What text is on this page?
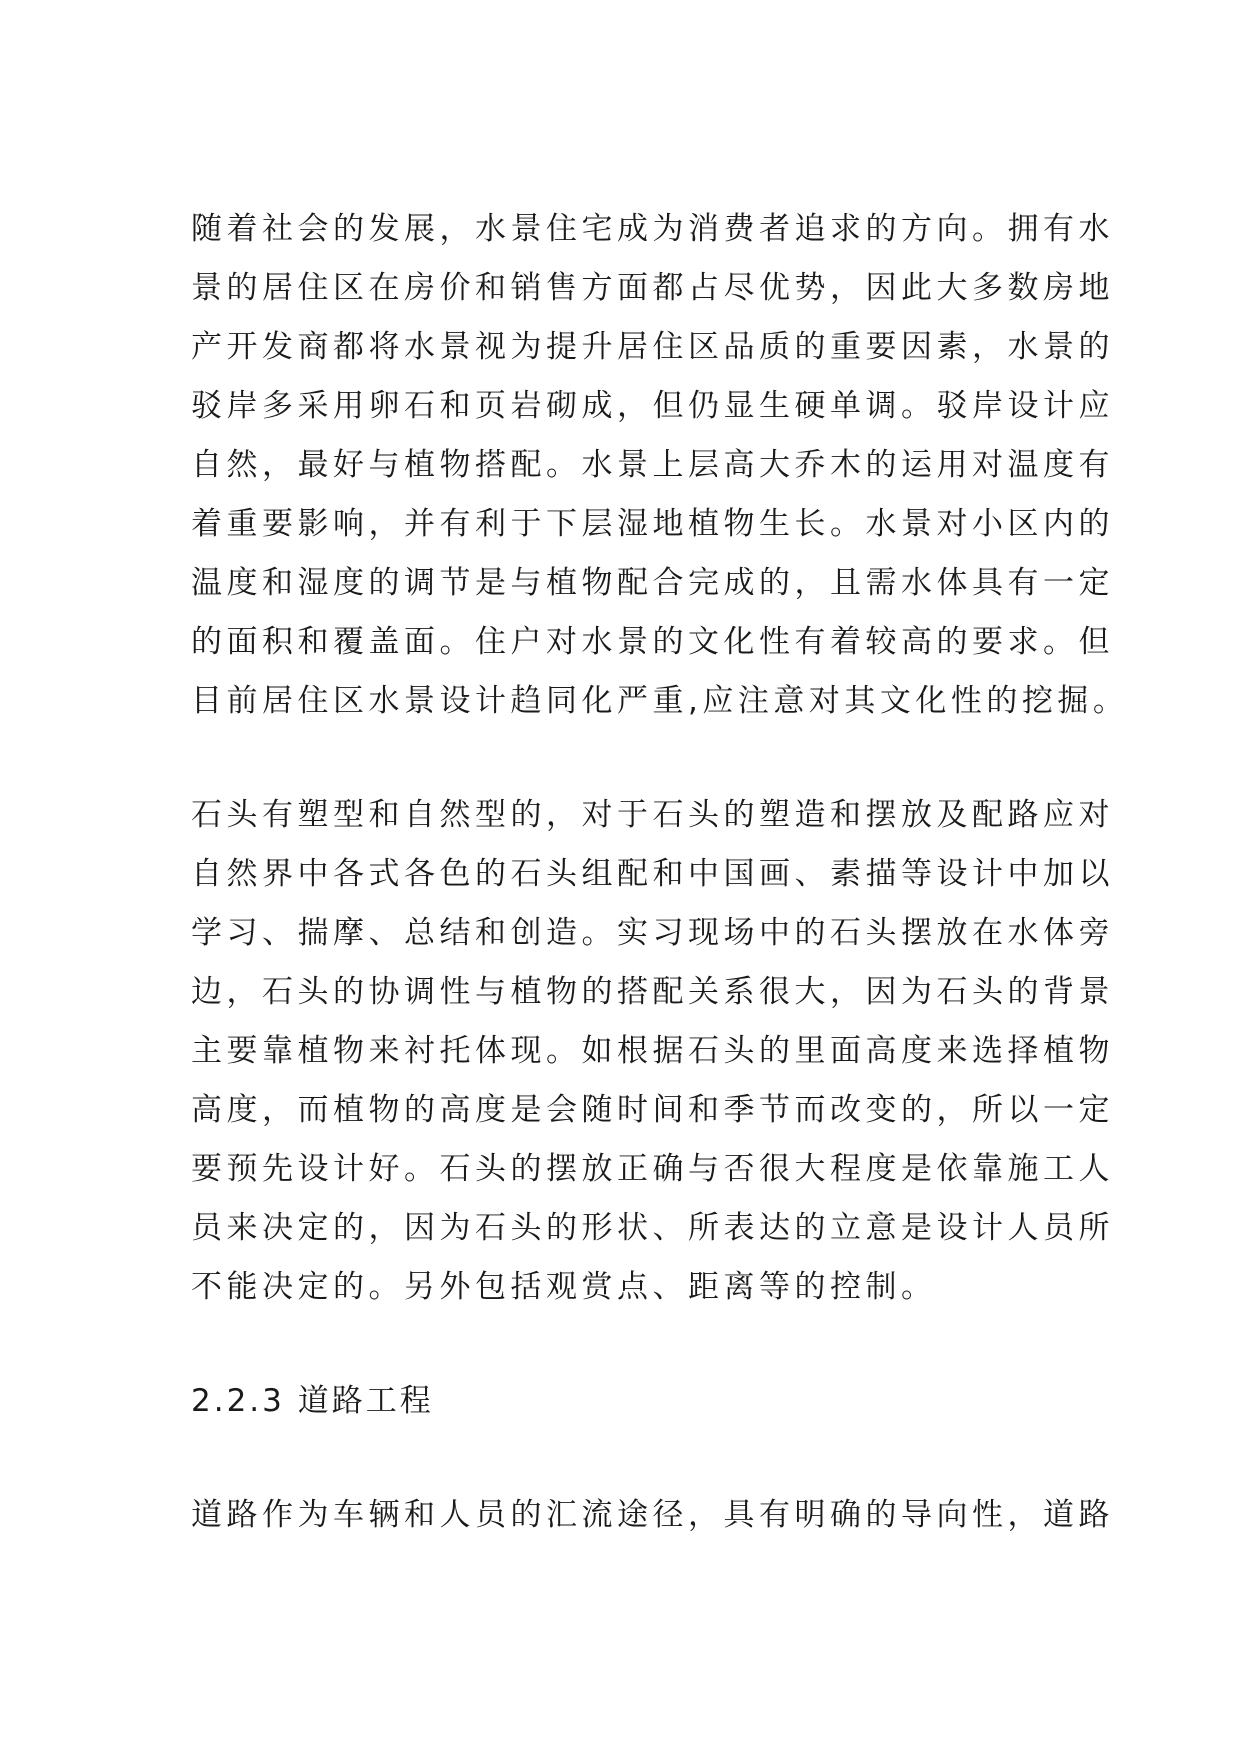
随着社会的发展，水景住宅成为消费者追求的方向。拥有水
景的居住区在房价和销售方面都占尽优势，因此大多数房地
产开发商都将水景视为提升居住区品质的重要因素，水景的
驳岸多采用卵石和页岩砌成，但仍显生硬单调。驳岸设计应
自然，最好与植物搭配。水景上层高大乔木的运用对温度有
着重要影响，并有利于下层湿地植物生长。水景对小区内的
温度和湿度的调节是与植物配合完成的，且需水体具有一定
的面积和覆盖面。住户对水景的文化性有着较高的要求。但
目前居住区水景设计趋同化严重,应注意对其文化性的挖掘。
石头有塑型和自然型的，对于石头的塑造和摆放及配路应对
自然界中各式各色的石头组配和中国画、素描等设计中加以
学习、揣摩、总结和创造。实习现场中的石头摆放在水体旁
边，石头的协调性与植物的搭配关系很大，因为石头的背景
主要靠植物来衬托体现。如根据石头的里面高度来选择植物
高度，而植物的高度是会随时间和季节而改变的，所以一定
要预先设计好。石头的摆放正确与否很大程度是依靠施工人
员来决定的，因为石头的形状、所表达的立意是设计人员所
不能决定的。另外包括观赏点、距离等的控制。
2.2.3 道路工程
道路作为车辆和人员的汇流途径，具有明确的导向性，道路
